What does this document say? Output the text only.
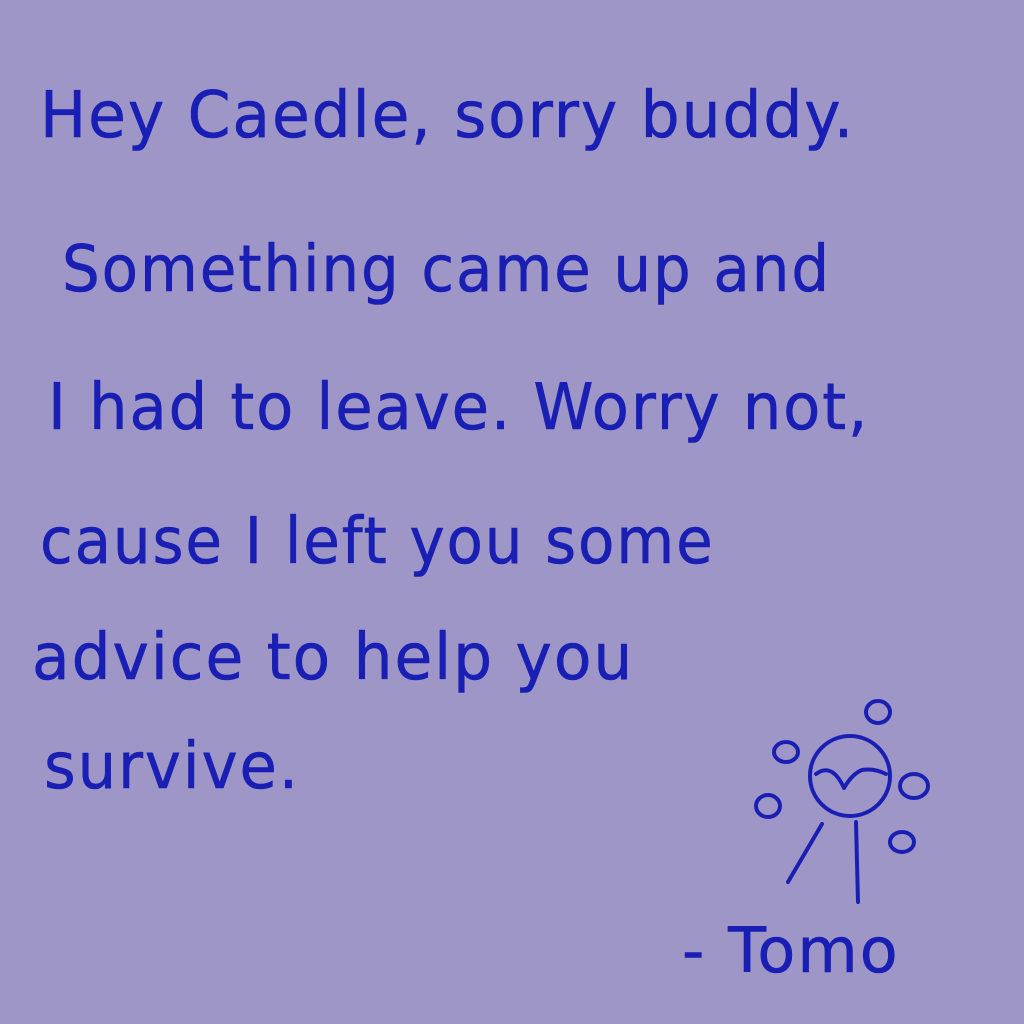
Hey Caedle, sorry buddy.
Something came up and
I had to leave. Worry not,
cause I left you some
advice to help you
survive.
- Tomo
